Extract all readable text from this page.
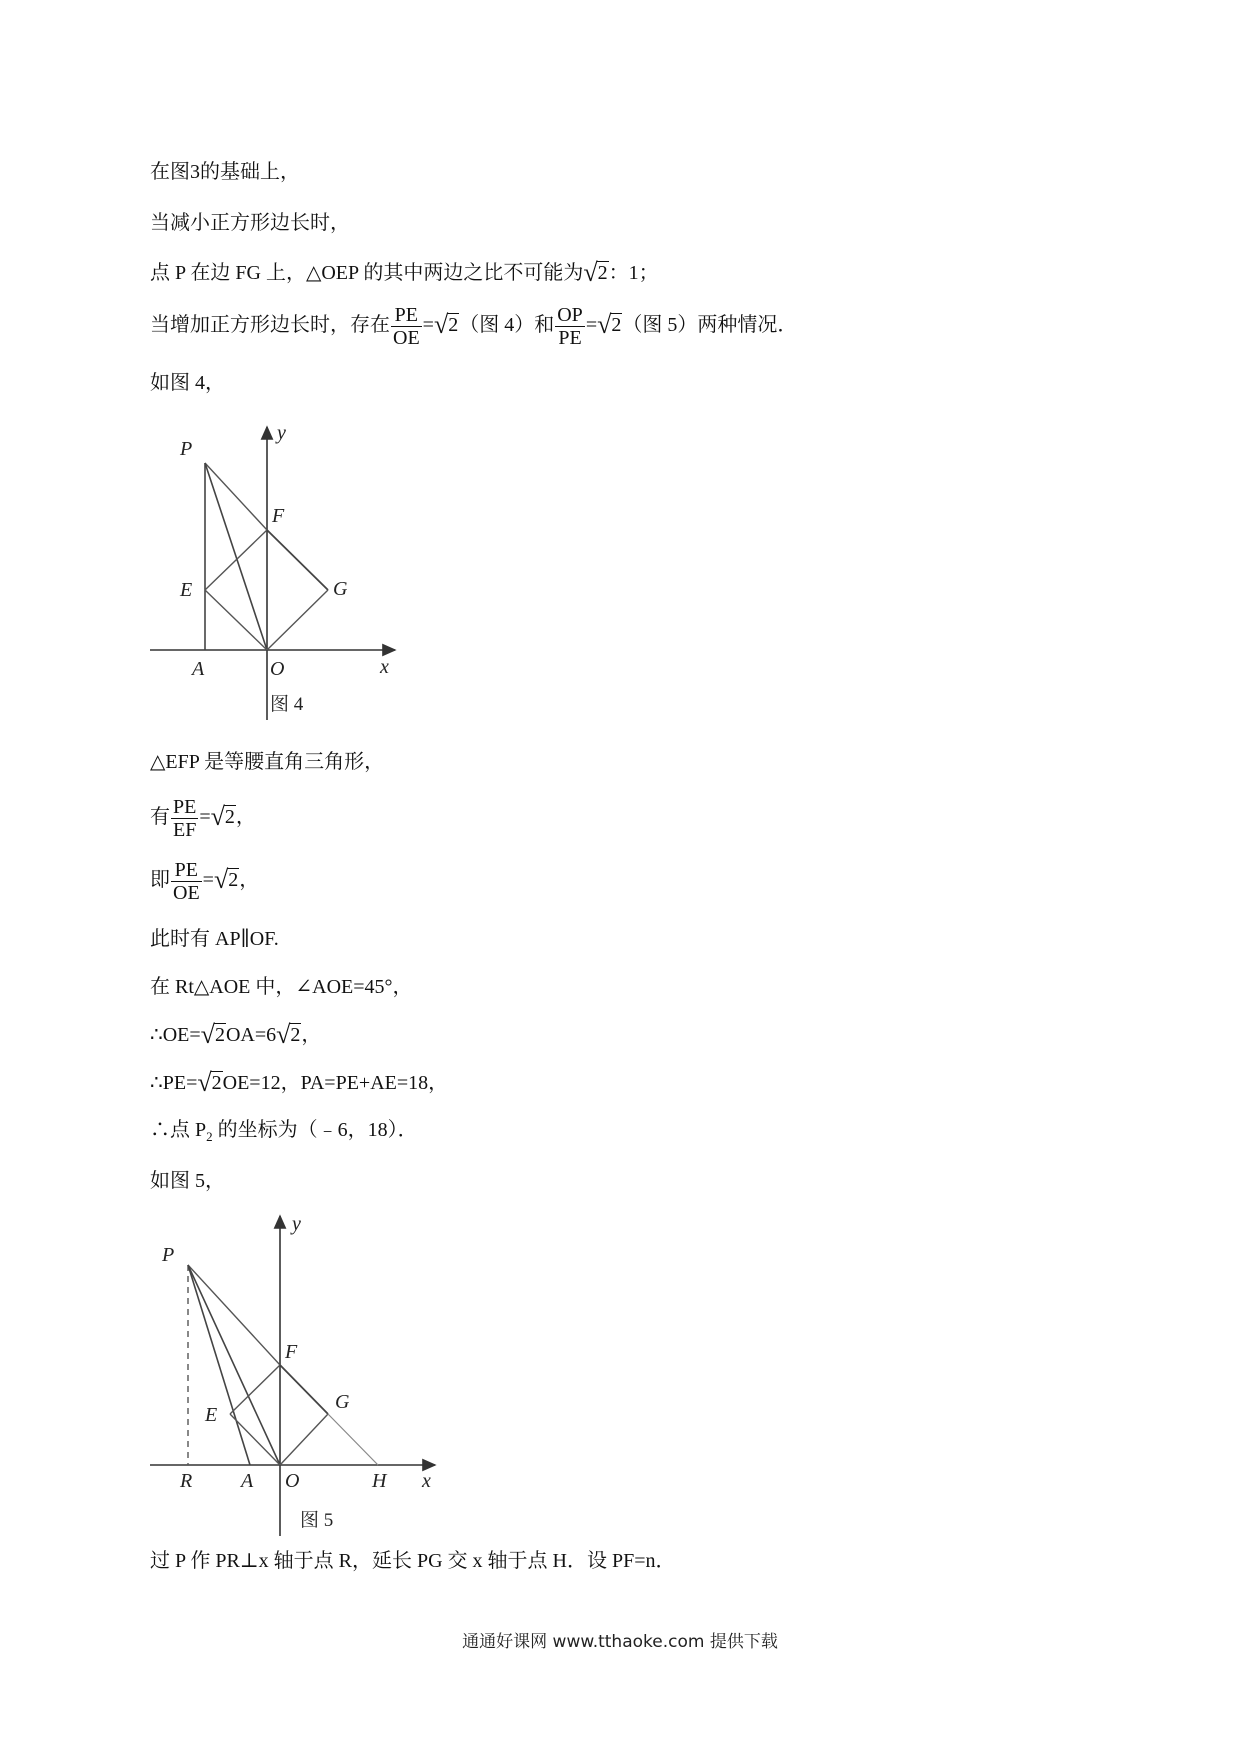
在图3的基础上，
当减小正方形边长时，
点 P 在边 FG 上，△OEP 的其中两边之比不可能为√2：1；
当增加正方形边长时，存在 $\frac{PE}{OE} =√2$（图 4）和 $\frac{OP}{PE} =√2$（图 5）两种情况．
如图 4，
P
E
F
G
A	O	x
y
图 4
△EFP 是等腰直角三角形，
有 $\frac{PE}{EF} =√2$，
即 $\frac{PE}{OE} =√2$，
此时有 AP∥OF.
在 Rt△AOE 中，∠AOE=45°，
∴OE=√2OA=6√2，
∴PE=√2OE=12，PA=PE+AE=18，
∴点 $P_2$ 的坐标为（﹣6，18）．
如图 5，
P
E
F
G
R A O	H x
y
图 5
过 P 作 PR⊥x 轴于点 R，延长 PG 交 x 轴于点 H．设 PF=n．
通通好课网 www.tthaoke.com 提供下载
